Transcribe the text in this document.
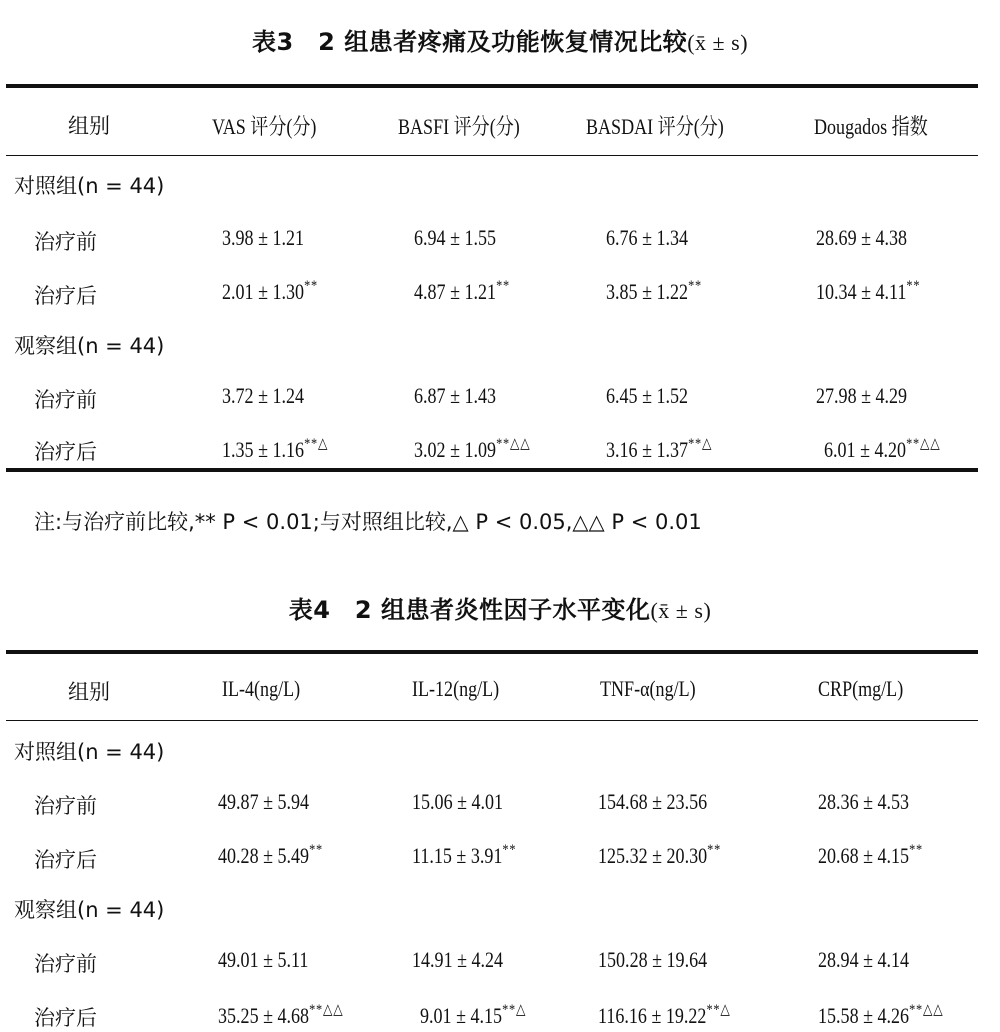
表3　2 组患者疼痛及功能恢复情况比较(x̄ ± s)
组别	VAS 评分(分)	BASFI 评分(分)	BASDAI 评分(分)	Dougados 指数
对照组(n = 44)
治疗前	3.98 ± 1.21	6.94 ± 1.55	6.76 ± 1.34	28.69 ± 4.38
治疗后	2.01 ± 1.30**	4.87 ± 1.21**	3.85 ± 1.22**	10.34 ± 4.11**
观察组(n = 44)
治疗前	3.72 ± 1.24	6.87 ± 1.43	6.45 ± 1.52	27.98 ± 4.29
治疗后	1.35 ± 1.16**△	3.02 ± 1.09**△△	3.16 ± 1.37**△	6.01 ± 4.20**△△
注:与治疗前比较,** P < 0.01;与对照组比较,△ P < 0.05,△△ P < 0.01
表4　2 组患者炎性因子水平变化(x̄ ± s)
组别	IL-4(ng/L)	IL-12(ng/L)	TNF-α(ng/L)	CRP(mg/L)
对照组(n = 44)
治疗前	49.87 ± 5.94	15.06 ± 4.01	154.68 ± 23.56	28.36 ± 4.53
治疗后	40.28 ± 5.49**	11.15 ± 3.91**	125.32 ± 20.30**	20.68 ± 4.15**
观察组(n = 44)
治疗前	49.01 ± 5.11	14.91 ± 4.24	150.28 ± 19.64	28.94 ± 4.14
治疗后	35.25 ± 4.68**△△	9.01 ± 4.15**△	116.16 ± 19.22**△	15.58 ± 4.26**△△
